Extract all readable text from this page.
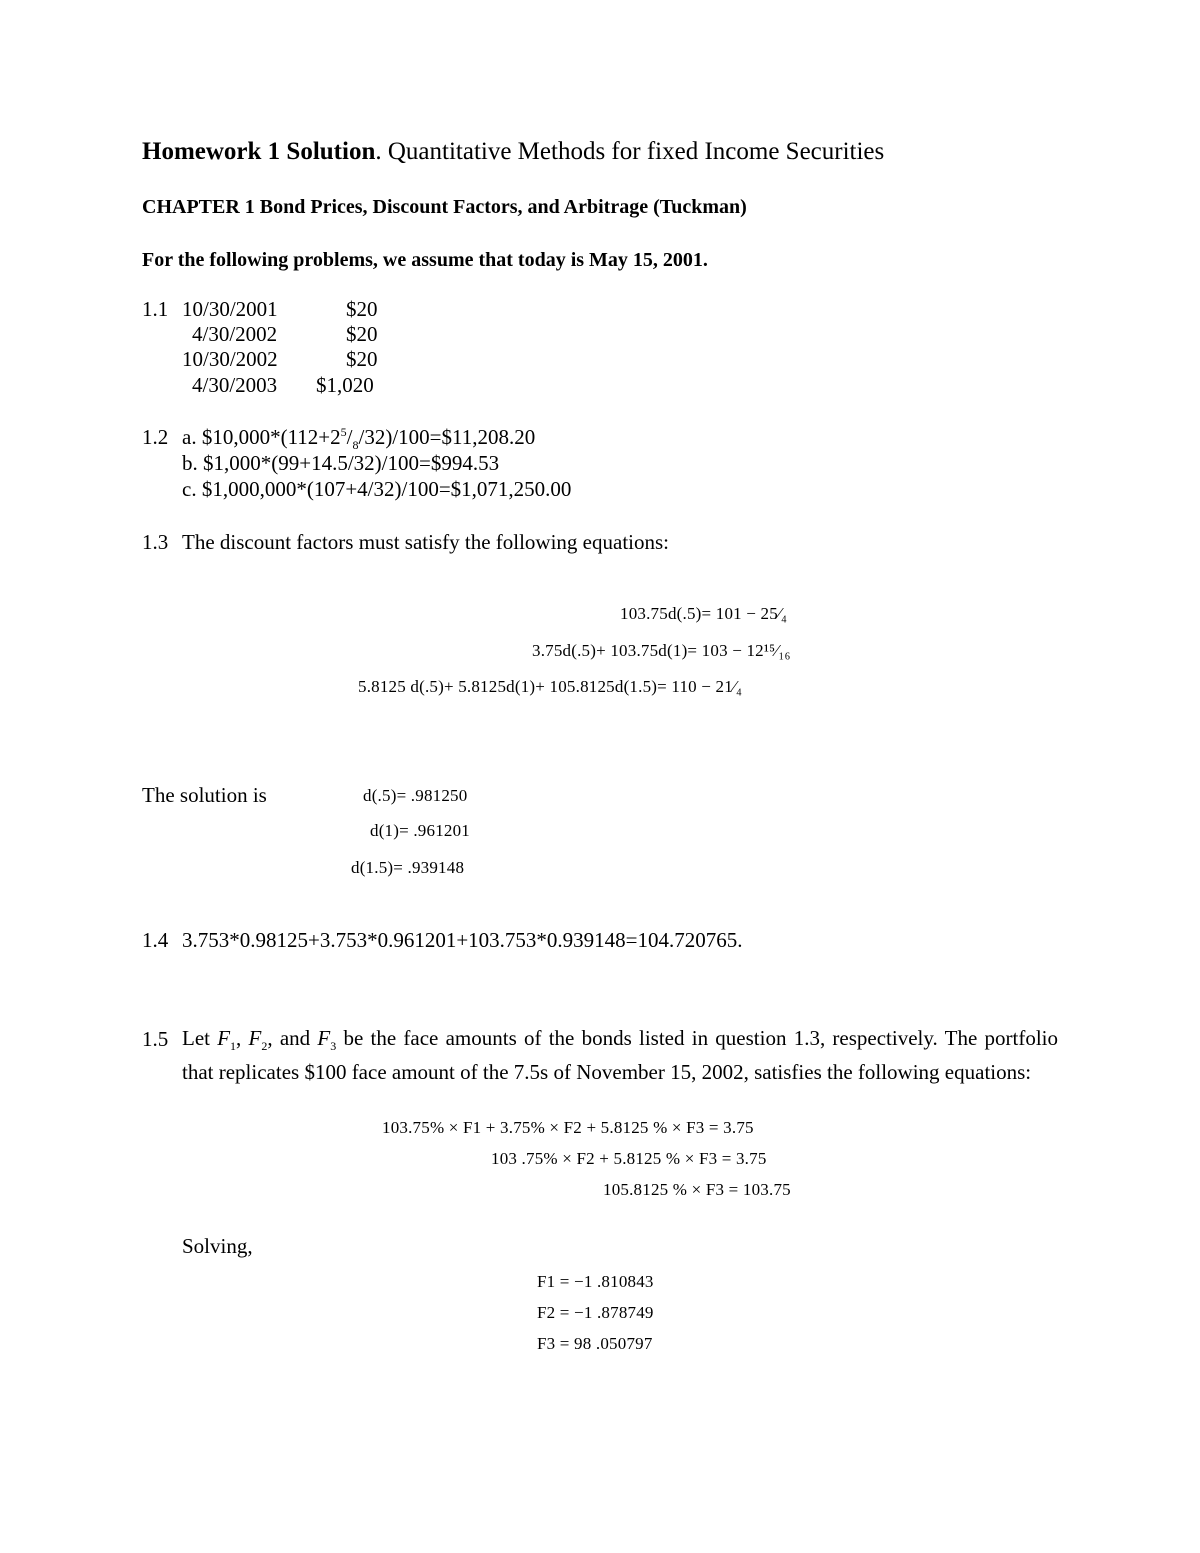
Homework 1 Solution. Quantitative Methods for fixed Income Securities
CHAPTER 1 Bond Prices, Discount Factors, and Arbitrage (Tuckman)
For the following problems, we assume that today is May 15, 2001.
1.1 10/30/2001	$20
4/30/2002	$20
10/30/2002	$20
4/30/2003 $1,020
1.2 a. $\$10,000*(112+2^5/_8/32)/100=\$11,208.20$
b. $1,000*(99+14.5/32)/100=$994.53
c. $1,000,000*(107+4/32)/100=$1,071,250.00
1.3 The discount factors must satisfy the following equations:
103.75d(.5)= 101 − 25⁄₄
3.75d(.5)+ 103.75d(1)= 103 − 12¹⁵⁄₁₆
5.8125 d(.5)+ 5.8125d(1)+ 105.8125d(1.5)= 110 − 21⁄₄
The solution is	d(.5)= .981250
d(1)= .961201
d(1.5)= .939148
1.4 3.753*0.98125+3.753*0.961201+103.753*0.939148=104.720765.
1.5 Let $F_1$, $F_2$, and $F_3$ be the face amounts of the bonds listed in question 1.3, respectively. The portfolio that replicates $100 face amount of the 7.5s of November 15, 2002, satisfies the following equations:
103.75% × F1 + 3.75% × F2 + 5.8125 % × F3 = 3.75
103 .75% × F2 + 5.8125 % × F3 = 3.75
105.8125 % × F3 = 103.75
Solving,
F1 = −1 .810843
F2 = −1 .878749
F3 = 98 .050797
